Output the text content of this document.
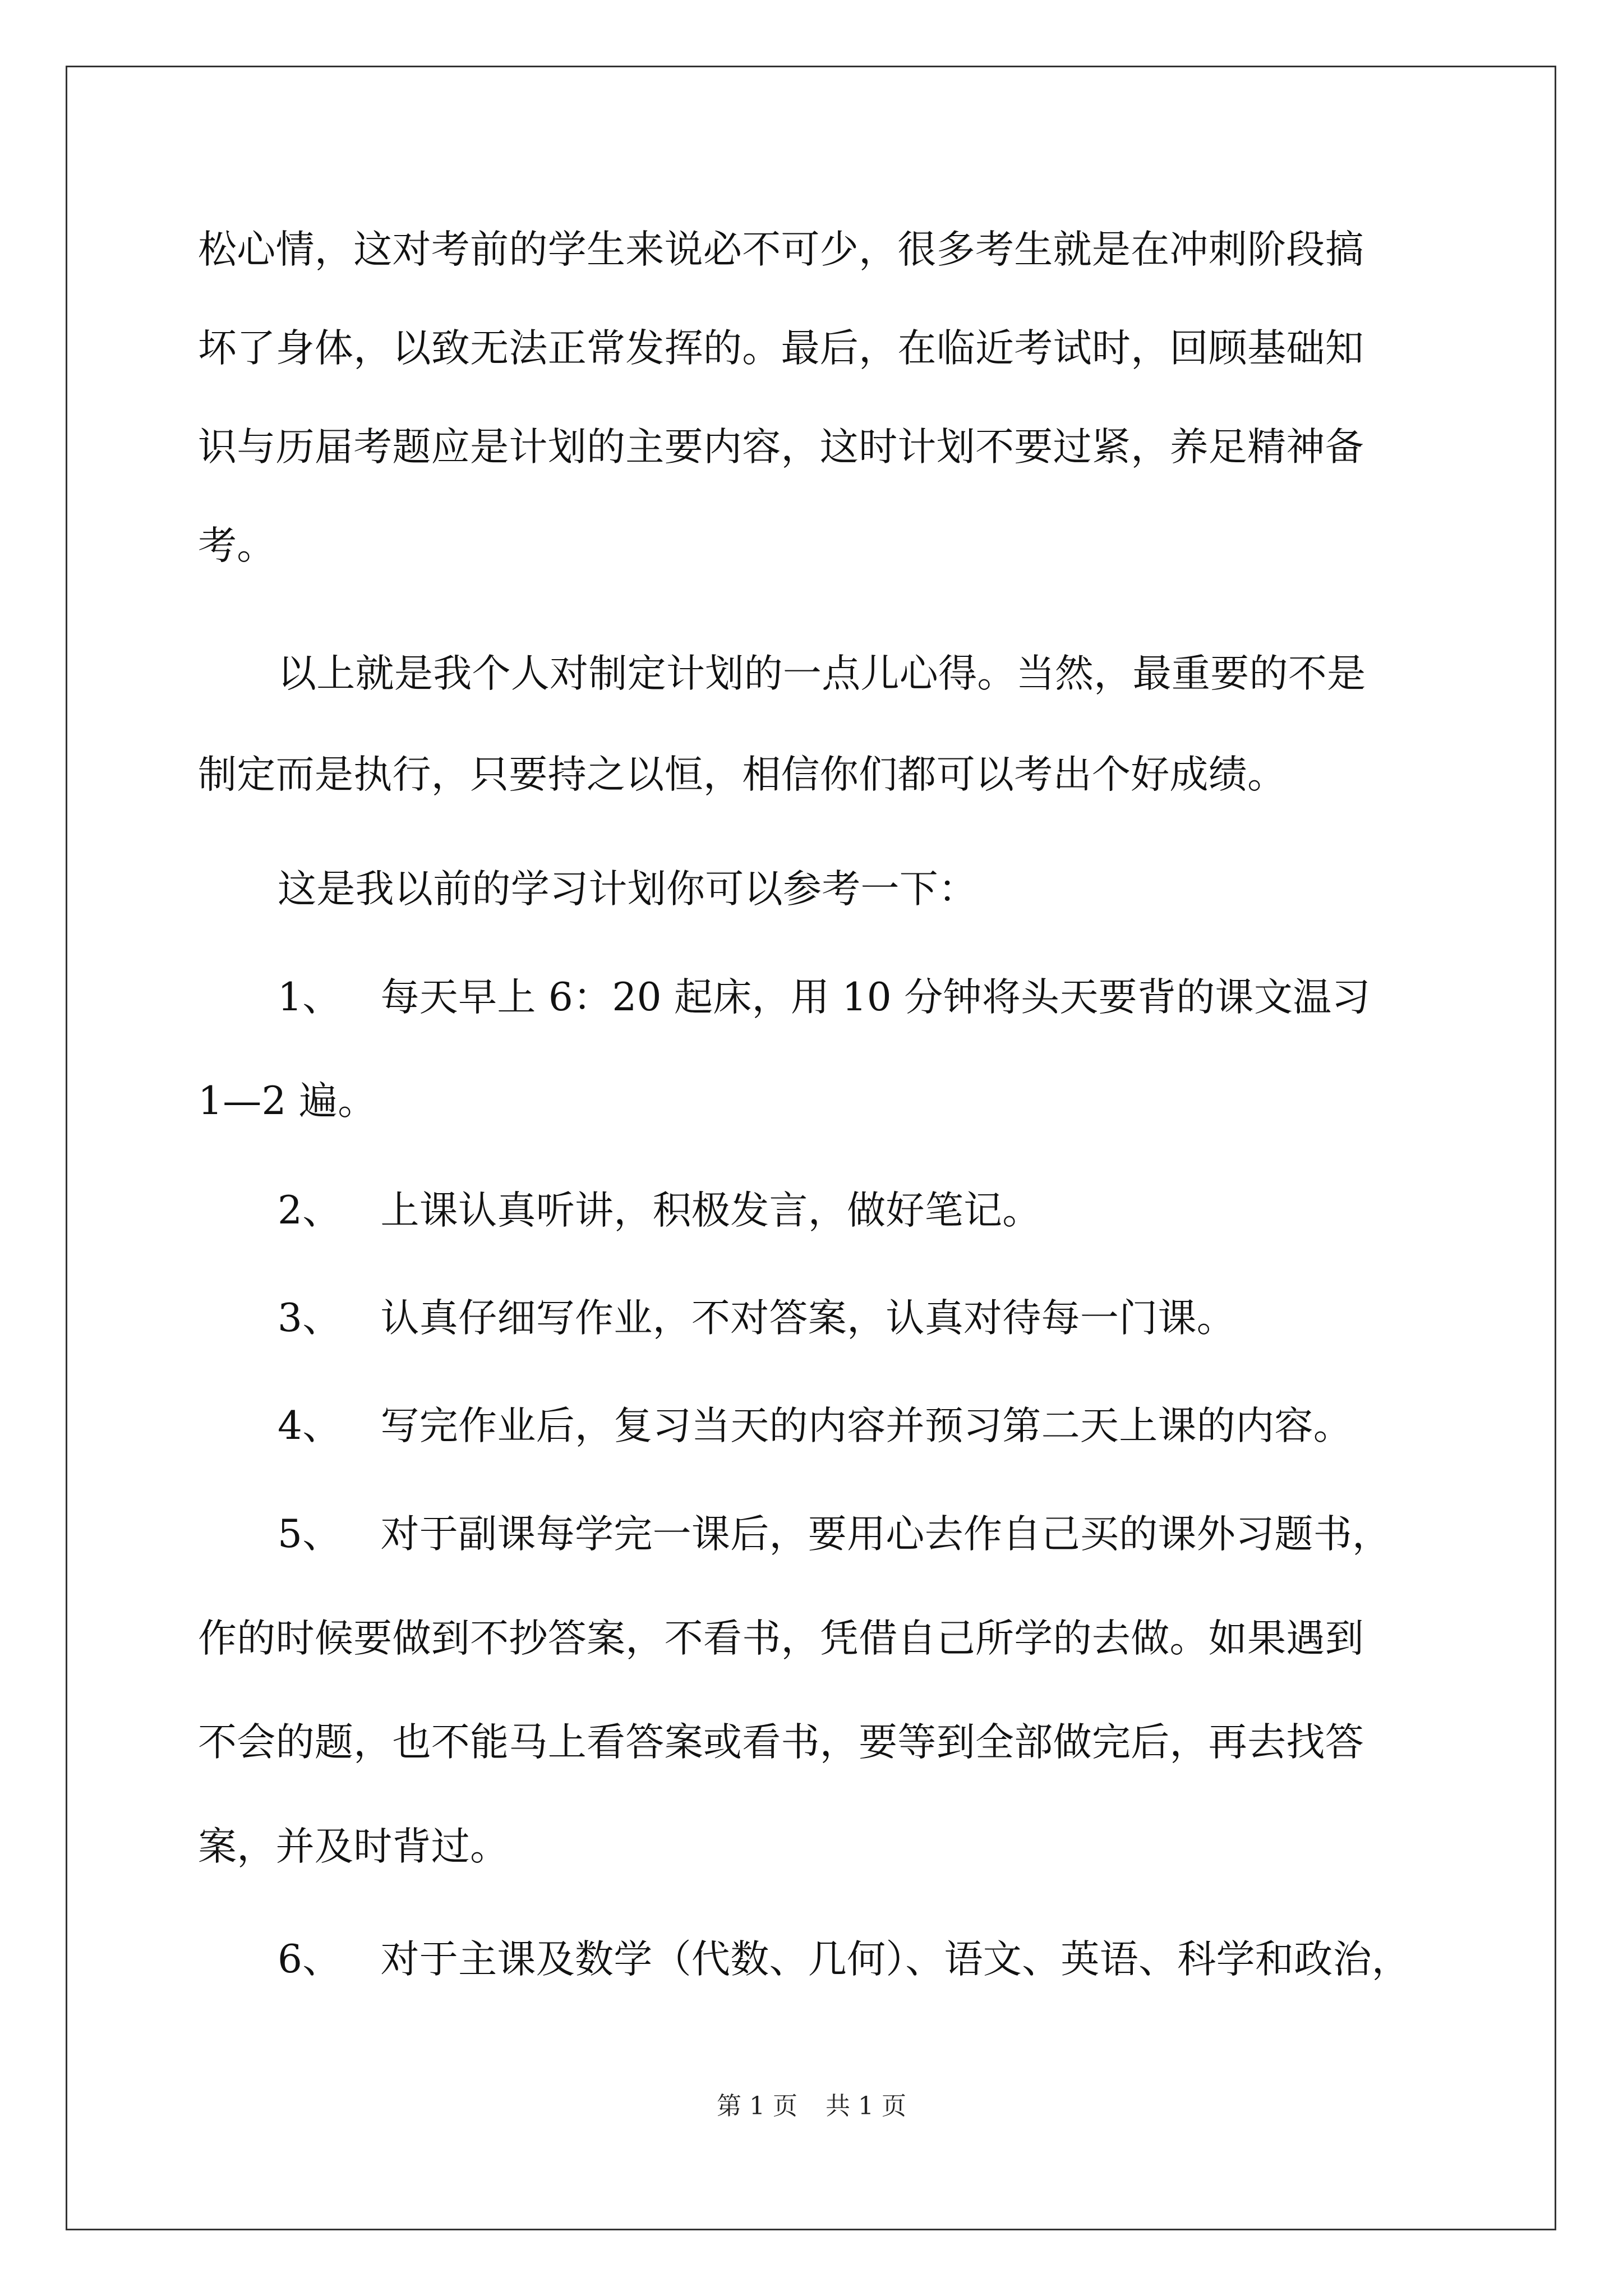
松心情，这对考前的学生来说必不可少，很多考生就是在冲刺阶段搞
坏了身体，以致无法正常发挥的。最后，在临近考试时，回顾基础知
识与历届考题应是计划的主要内容，这时计划不要过紧，养足精神备
考。
以上就是我个人对制定计划的一点儿心得。当然，最重要的不是
制定而是执行，只要持之以恒，相信你们都可以考出个好成绩。
这是我以前的学习计划你可以参考一下：
1、 每天早上 6：20 起床，用 10 分钟将头天要背的课文温习
1—2 遍。
2、 上课认真听讲，积极发言，做好笔记。
3、 认真仔细写作业，不对答案，认真对待每一门课。
4、 写完作业后，复习当天的内容并预习第二天上课的内容。
5、 对于副课每学完一课后，要用心去作自己买的课外习题书，
作的时候要做到不抄答案，不看书，凭借自己所学的去做。如果遇到
不会的题，也不能马上看答案或看书，要等到全部做完后，再去找答
案，并及时背过。
6、 对于主课及数学（代数、几何）、语文、英语、科学和政治，
第 1 页 共 1 页
